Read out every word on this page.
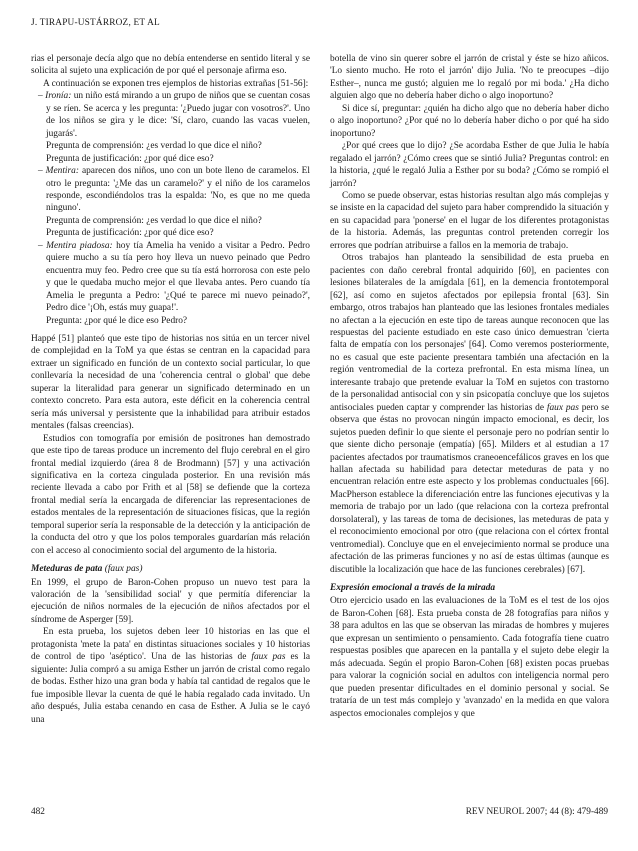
J. TIRAPU-USTÁRROZ, ET AL

rias el personaje decía algo que no debía entenderse en sentido literal y se solicita al sujeto una explicación de por qué el personaje afirma eso.

A continuación se exponen tres ejemplos de historias extrañas [51-56]:

– Ironía: un niño está mirando a un grupo de niños que se cuentan cosas y se ríen. Se acerca y les pregunta: '¿Puedo jugar con vosotros?'. Uno de los niños se gira y le dice: 'Sí, claro, cuando las vacas vuelen, jugarás'.
Pregunta de comprensión: ¿es verdad lo que dice el niño?
Pregunta de justificación: ¿por qué dice eso?

– Mentira: aparecen dos niños, uno con un bote lleno de caramelos. El otro le pregunta: '¿Me das un caramelo?' y el niño de los caramelos responde, escondiéndolos tras la espalda: 'No, es que no me queda ninguno'.
Pregunta de comprensión: ¿es verdad lo que dice el niño?
Pregunta de justificación: ¿por qué dice eso?

– Mentira piadosa: hoy tía Amelia ha venido a visitar a Pedro. Pedro quiere mucho a su tía pero hoy lleva un nuevo peinado que Pedro encuentra muy feo. Pedro cree que su tía está horrorosa con este pelo y que le quedaba mucho mejor el que llevaba antes. Pero cuando tía Amelia le pregunta a Pedro: '¿Qué te parece mi nuevo peinado?', Pedro dice '¡Oh, estás muy guapa!'.
Pregunta: ¿por qué le dice eso Pedro?

Happé [51] planteó que este tipo de historias nos sitúa en un tercer nivel de complejidad en la ToM ya que éstas se centran en la capacidad para extraer un significado en función de un contexto social particular, lo que conllevaría la necesidad de una 'coherencia central o global' que debe superar la literalidad para generar un significado determinado en un contexto concreto. Para esta autora, este déficit en la coherencia central sería más universal y persistente que la inhabilidad para atribuir estados mentales (falsas creencias).

Estudios con tomografía por emisión de positrones han demostrado que este tipo de tareas produce un incremento del flujo cerebral en el giro frontal medial izquierdo (área 8 de Brodmann) [57] y una activación significativa en la corteza cingulada posterior. En una revisión más reciente llevada a cabo por Frith et al [58] se defiende que la corteza frontal medial sería la encargada de diferenciar las representaciones de estados mentales de la representación de situaciones físicas, que la región temporal superior sería la responsable de la detección y la anticipación de la conducta del otro y que los polos temporales guardarían más relación con el acceso al conocimiento social del argumento de la historia.

Meteduras de pata (faux pas)

En 1999, el grupo de Baron-Cohen propuso un nuevo test para la valoración de la 'sensibilidad social' y que permitía diferenciar la ejecución de niños normales de la ejecución de niños afectados por el síndrome de Asperger [59].

En esta prueba, los sujetos deben leer 10 historias en las que el protagonista 'mete la pata' en distintas situaciones sociales y 10 historias de control de tipo 'aséptico'. Una de las historias de faux pas es la siguiente: Julia compró a su amiga Esther un jarrón de cristal como regalo de bodas. Esther hizo una gran boda y había tal cantidad de regalos que le fue imposible llevar la cuenta de qué le había regalado cada invitado. Un año después, Julia estaba cenando en casa de Esther. A Julia se le cayó una

botella de vino sin querer sobre el jarrón de cristal y éste se hizo añicos. 'Lo siento mucho. He roto el jarrón' dijo Julia. 'No te preocupes –dijo Esther–, nunca me gustó; alguien me lo regaló por mi boda.' ¿Ha dicho alguien algo que no debería haber dicho o algo inoportuno?

Si dice sí, preguntar: ¿quién ha dicho algo que no debería haber dicho o algo inoportuno? ¿Por qué no lo debería haber dicho o por qué ha sido inoportuno?

¿Por qué crees que lo dijo? ¿Se acordaba Esther de que Julia le había regalado el jarrón? ¿Cómo crees que se sintió Julia? Preguntas control: en la historia, ¿qué le regaló Julia a Esther por su boda? ¿Cómo se rompió el jarrón?

Como se puede observar, estas historias resultan algo más complejas y se insiste en la capacidad del sujeto para haber comprendido la situación y en su capacidad para 'ponerse' en el lugar de los diferentes protagonistas de la historia. Además, las preguntas control pretenden corregir los errores que podrían atribuirse a fallos en la memoria de trabajo.

Otros trabajos han planteado la sensibilidad de esta prueba en pacientes con daño cerebral frontal adquirido [60], en pacientes con lesiones bilaterales de la amígdala [61], en la demencia frontotemporal [62], así como en sujetos afectados por epilepsia frontal [63]. Sin embargo, otros trabajos han planteado que las lesiones frontales mediales no afectan a la ejecución en este tipo de tareas aunque reconocen que las respuestas del paciente estudiado en este caso único demuestran 'cierta falta de empatía con los personajes' [64]. Como veremos posteriormente, no es casual que este paciente presentara también una afectación en la región ventromedial de la corteza prefrontal. En esta misma línea, un interesante trabajo que pretende evaluar la ToM en sujetos con trastorno de la personalidad antisocial con y sin psicopatía concluye que los sujetos antisociales pueden captar y comprender las historias de faux pas pero se observa que éstas no provocan ningún impacto emocional, es decir, los sujetos pueden definir lo que siente el personaje pero no podrían sentir lo que siente dicho personaje (empatía) [65]. Milders et al estudian a 17 pacientes afectados por traumatismos craneoencefálicos graves en los que hallan afectada su habilidad para detectar meteduras de pata y no encuentran relación entre este aspecto y los problemas conductuales [66]. MacPherson establece la diferenciación entre las funciones ejecutivas y la memoria de trabajo por un lado (que relaciona con la corteza prefrontal dorsolateral), y las tareas de toma de decisiones, las meteduras de pata y el reconocimiento emocional por otro (que relaciona con el córtex frontal ventromedial). Concluye que en el envejecimiento normal se produce una afectación de las primeras funciones y no así de estas últimas (aunque es discutible la localización que hace de las funciones cerebrales) [67].

Expresión emocional a través de la mirada

Otro ejercicio usado en las evaluaciones de la ToM es el test de los ojos de Baron-Cohen [68]. Esta prueba consta de 28 fotografías para niños y 38 para adultos en las que se observan las miradas de hombres y mujeres que expresan un sentimiento o pensamiento. Cada fotografía tiene cuatro respuestas posibles que aparecen en la pantalla y el sujeto debe elegir la más adecuada. Según el propio Baron-Cohen [68] existen pocas pruebas para valorar la cognición social en adultos con inteligencia normal pero que pueden presentar dificultades en el dominio personal y social. Se trataría de un test más complejo y 'avanzado' en la medida en que valora aspectos emocionales complejos y que

482	REV NEUROL 2007; 44 (8): 479-489
